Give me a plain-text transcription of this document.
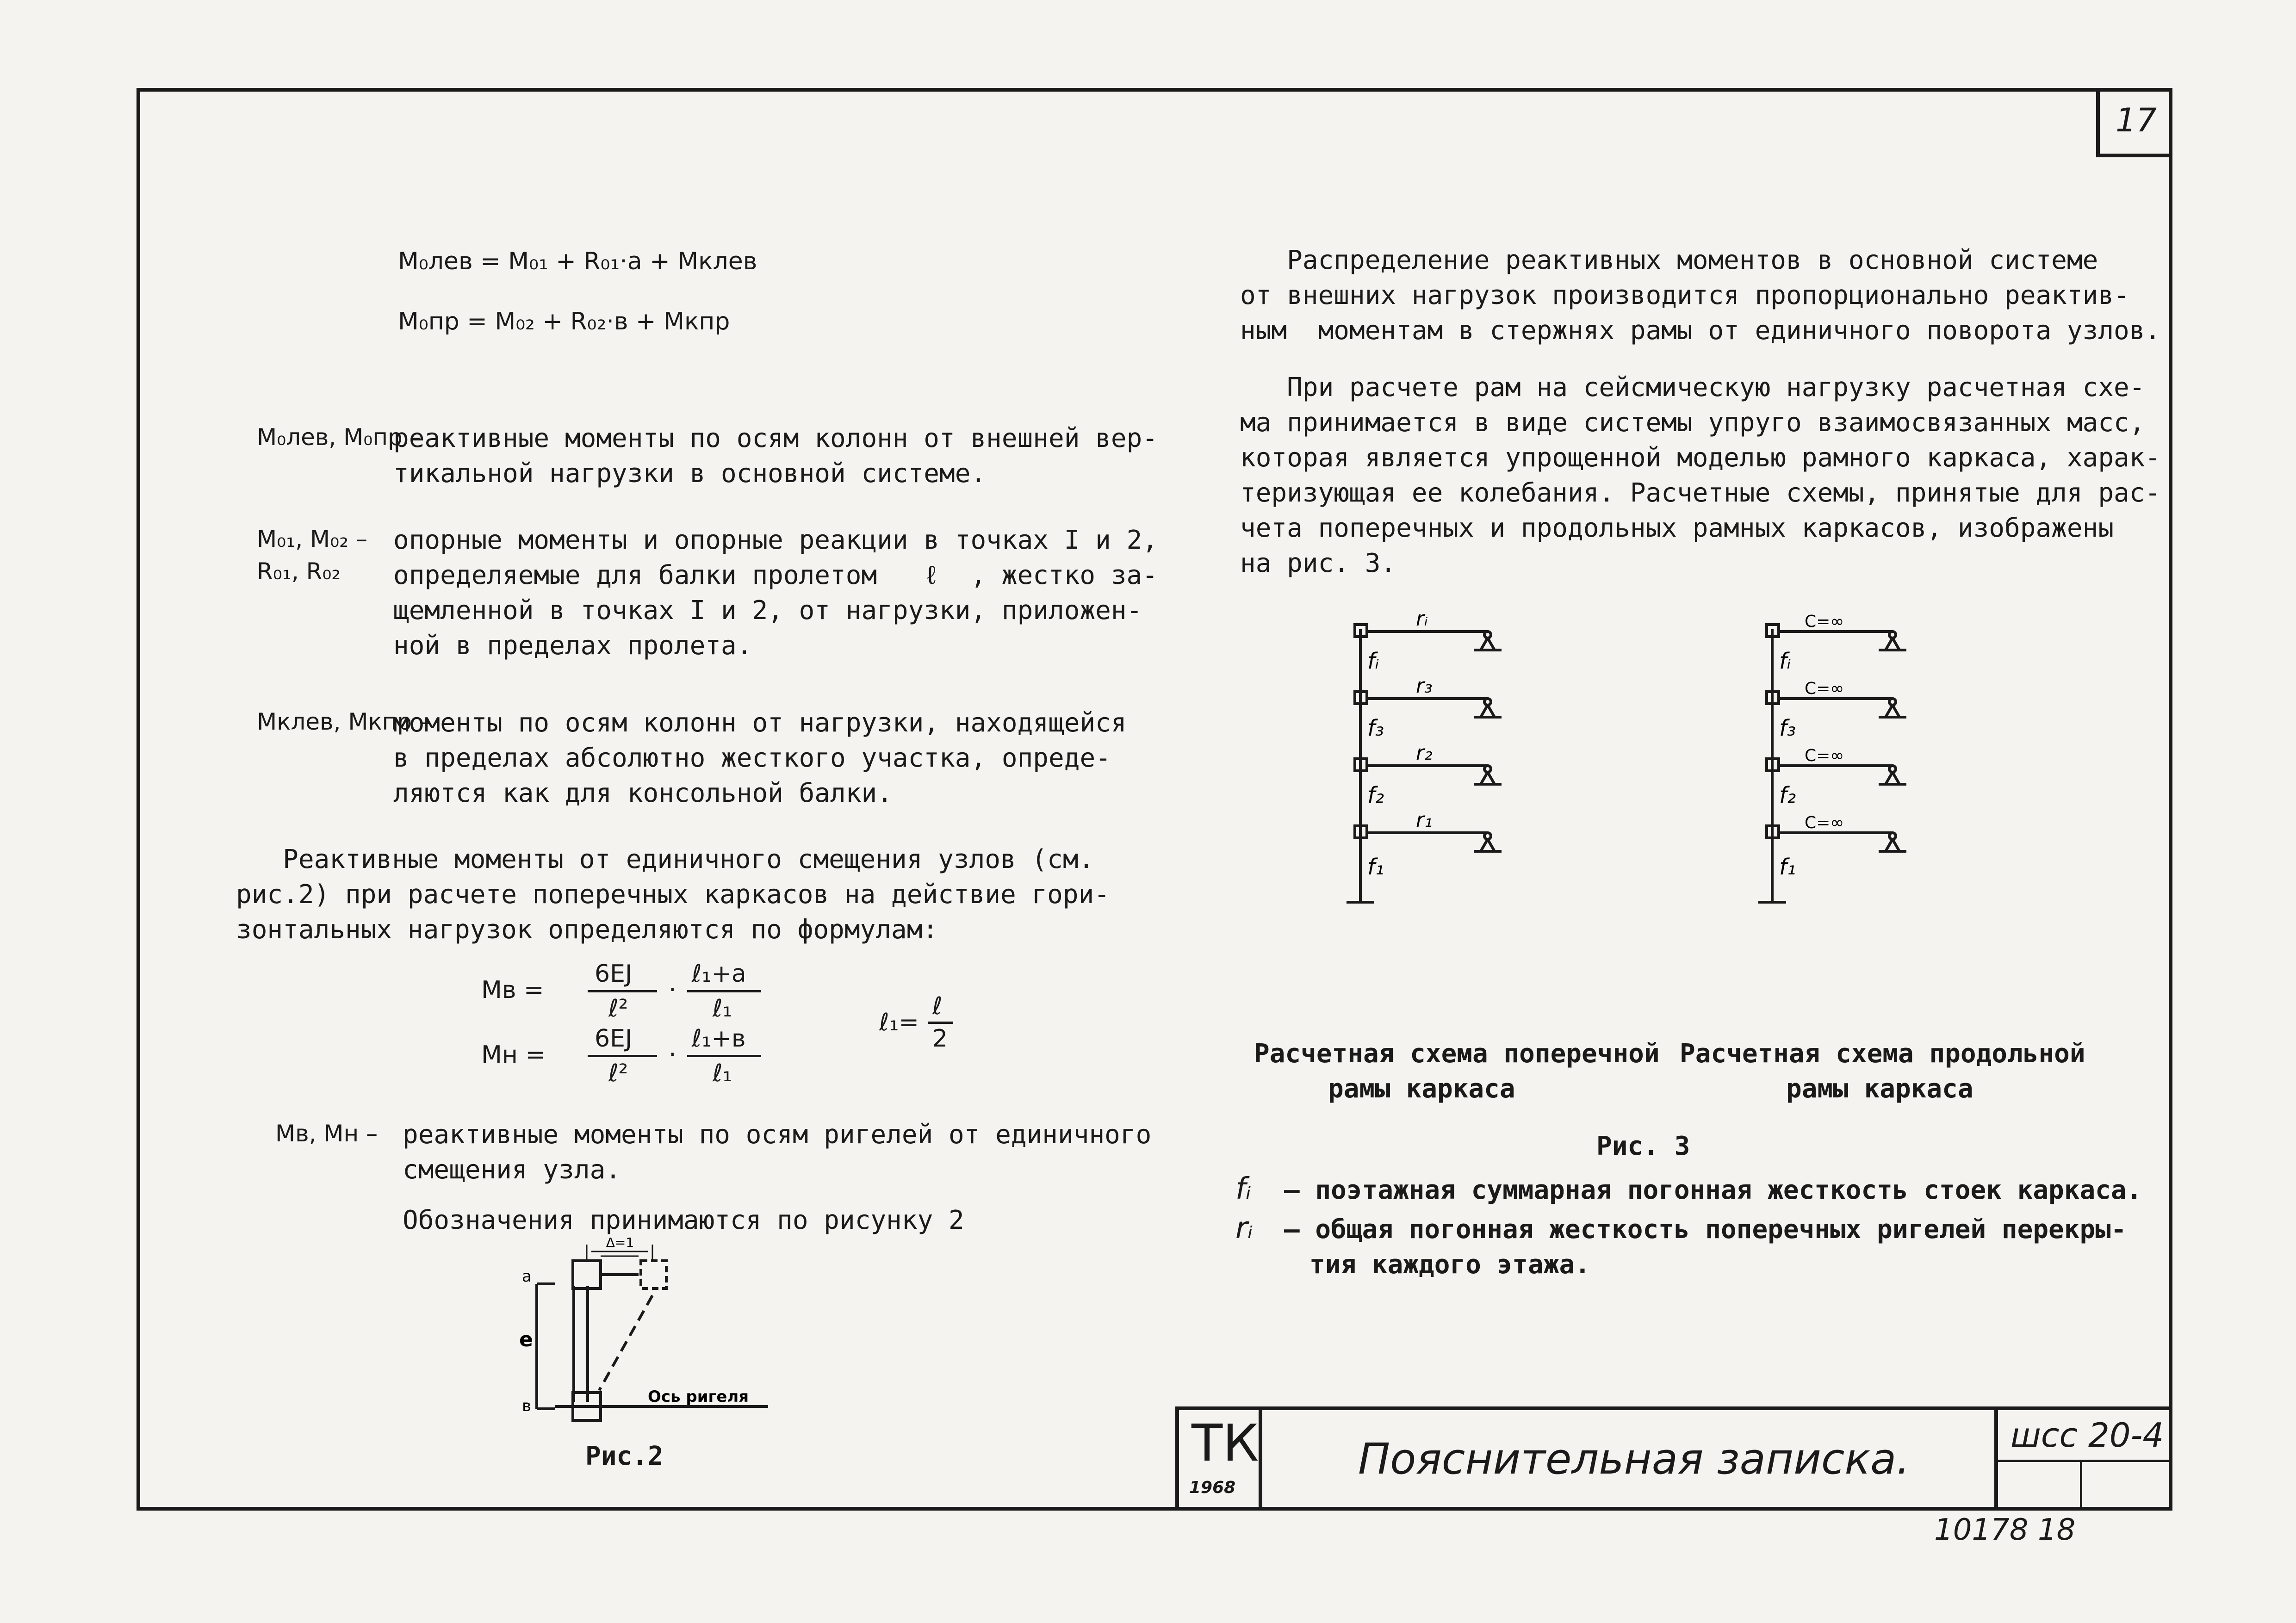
17
M₀лев = M₀₁ + R₀₁·a + Mклев
M₀пр = M₀₂ + R₀₂·в + Mкпр
M₀лев, M₀пр –
реактивные моменты по осям колонн от внешней вер-
тикальной нагрузки в основной системе.
M₀₁, M₀₂ –
R₀₁, R₀₂
опорные моменты и опорные реакции в точках I и 2,
определяемые для балки пролетом   ℓ  , жестко за-
щемленной в точках I и 2, от нагрузки, приложен-
ной в пределах пролета.
Mклев, Mкпр –
моменты по осям колонн от нагрузки, находящейся
в пределах абсолютно жесткого участка, опреде-
ляются как для консольной балки.
Реактивные моменты от единичного смещения узлов (см.
рис.2) при расчете поперечных каркасов на действие гори-
зонтальных нагрузок определяются по формулам:
Mв =
6EJ
ℓ²
·
ℓ₁+a
ℓ₁
Mн =
6EJ
ℓ²
·
ℓ₁+в
ℓ₁
ℓ₁=
ℓ
2
Mв, Mн – реактивные моменты по осям ригелей от единичного
смещения узла.
Обозначения принимаются по рисунку 2
Δ=1
e
a
в	Ось ригеля
Рис.2
Распределение реактивных моментов в основной системе
от внешних нагрузок производится пропорционально реактив-
ным  моментам в стержнях рамы от единичного поворота узлов.
При расчете рам на сейсмическую нагрузку расчетная схе-
ма принимается в виде системы упруго взаимосвязанных масс,
которая является упрощенной моделью рамного каркаса, харак-
теризующая ее колебания. Расчетные схемы, принятые для рас-
чета поперечных и продольных рамных каркасов, изображены
на рис. 3.
rᵢ
r₃
r₂
r₁
fᵢ
f₃
f₂
f₁
C=∞
C=∞
C=∞
C=∞
fᵢ
f₃
f₂
f₁
Расчетная схема поперечной
рамы каркаса
Расчетная схема продольной
рамы каркаса
Рис. 3
fᵢ – поэтажная суммарная погонная жесткость стоек каркаса.
rᵢ – общая погонная жесткость поперечных ригелей перекры-
тия каждого этажа.
ТК
1968
Пояснительная записка.	шсс 20-4
10178 18
